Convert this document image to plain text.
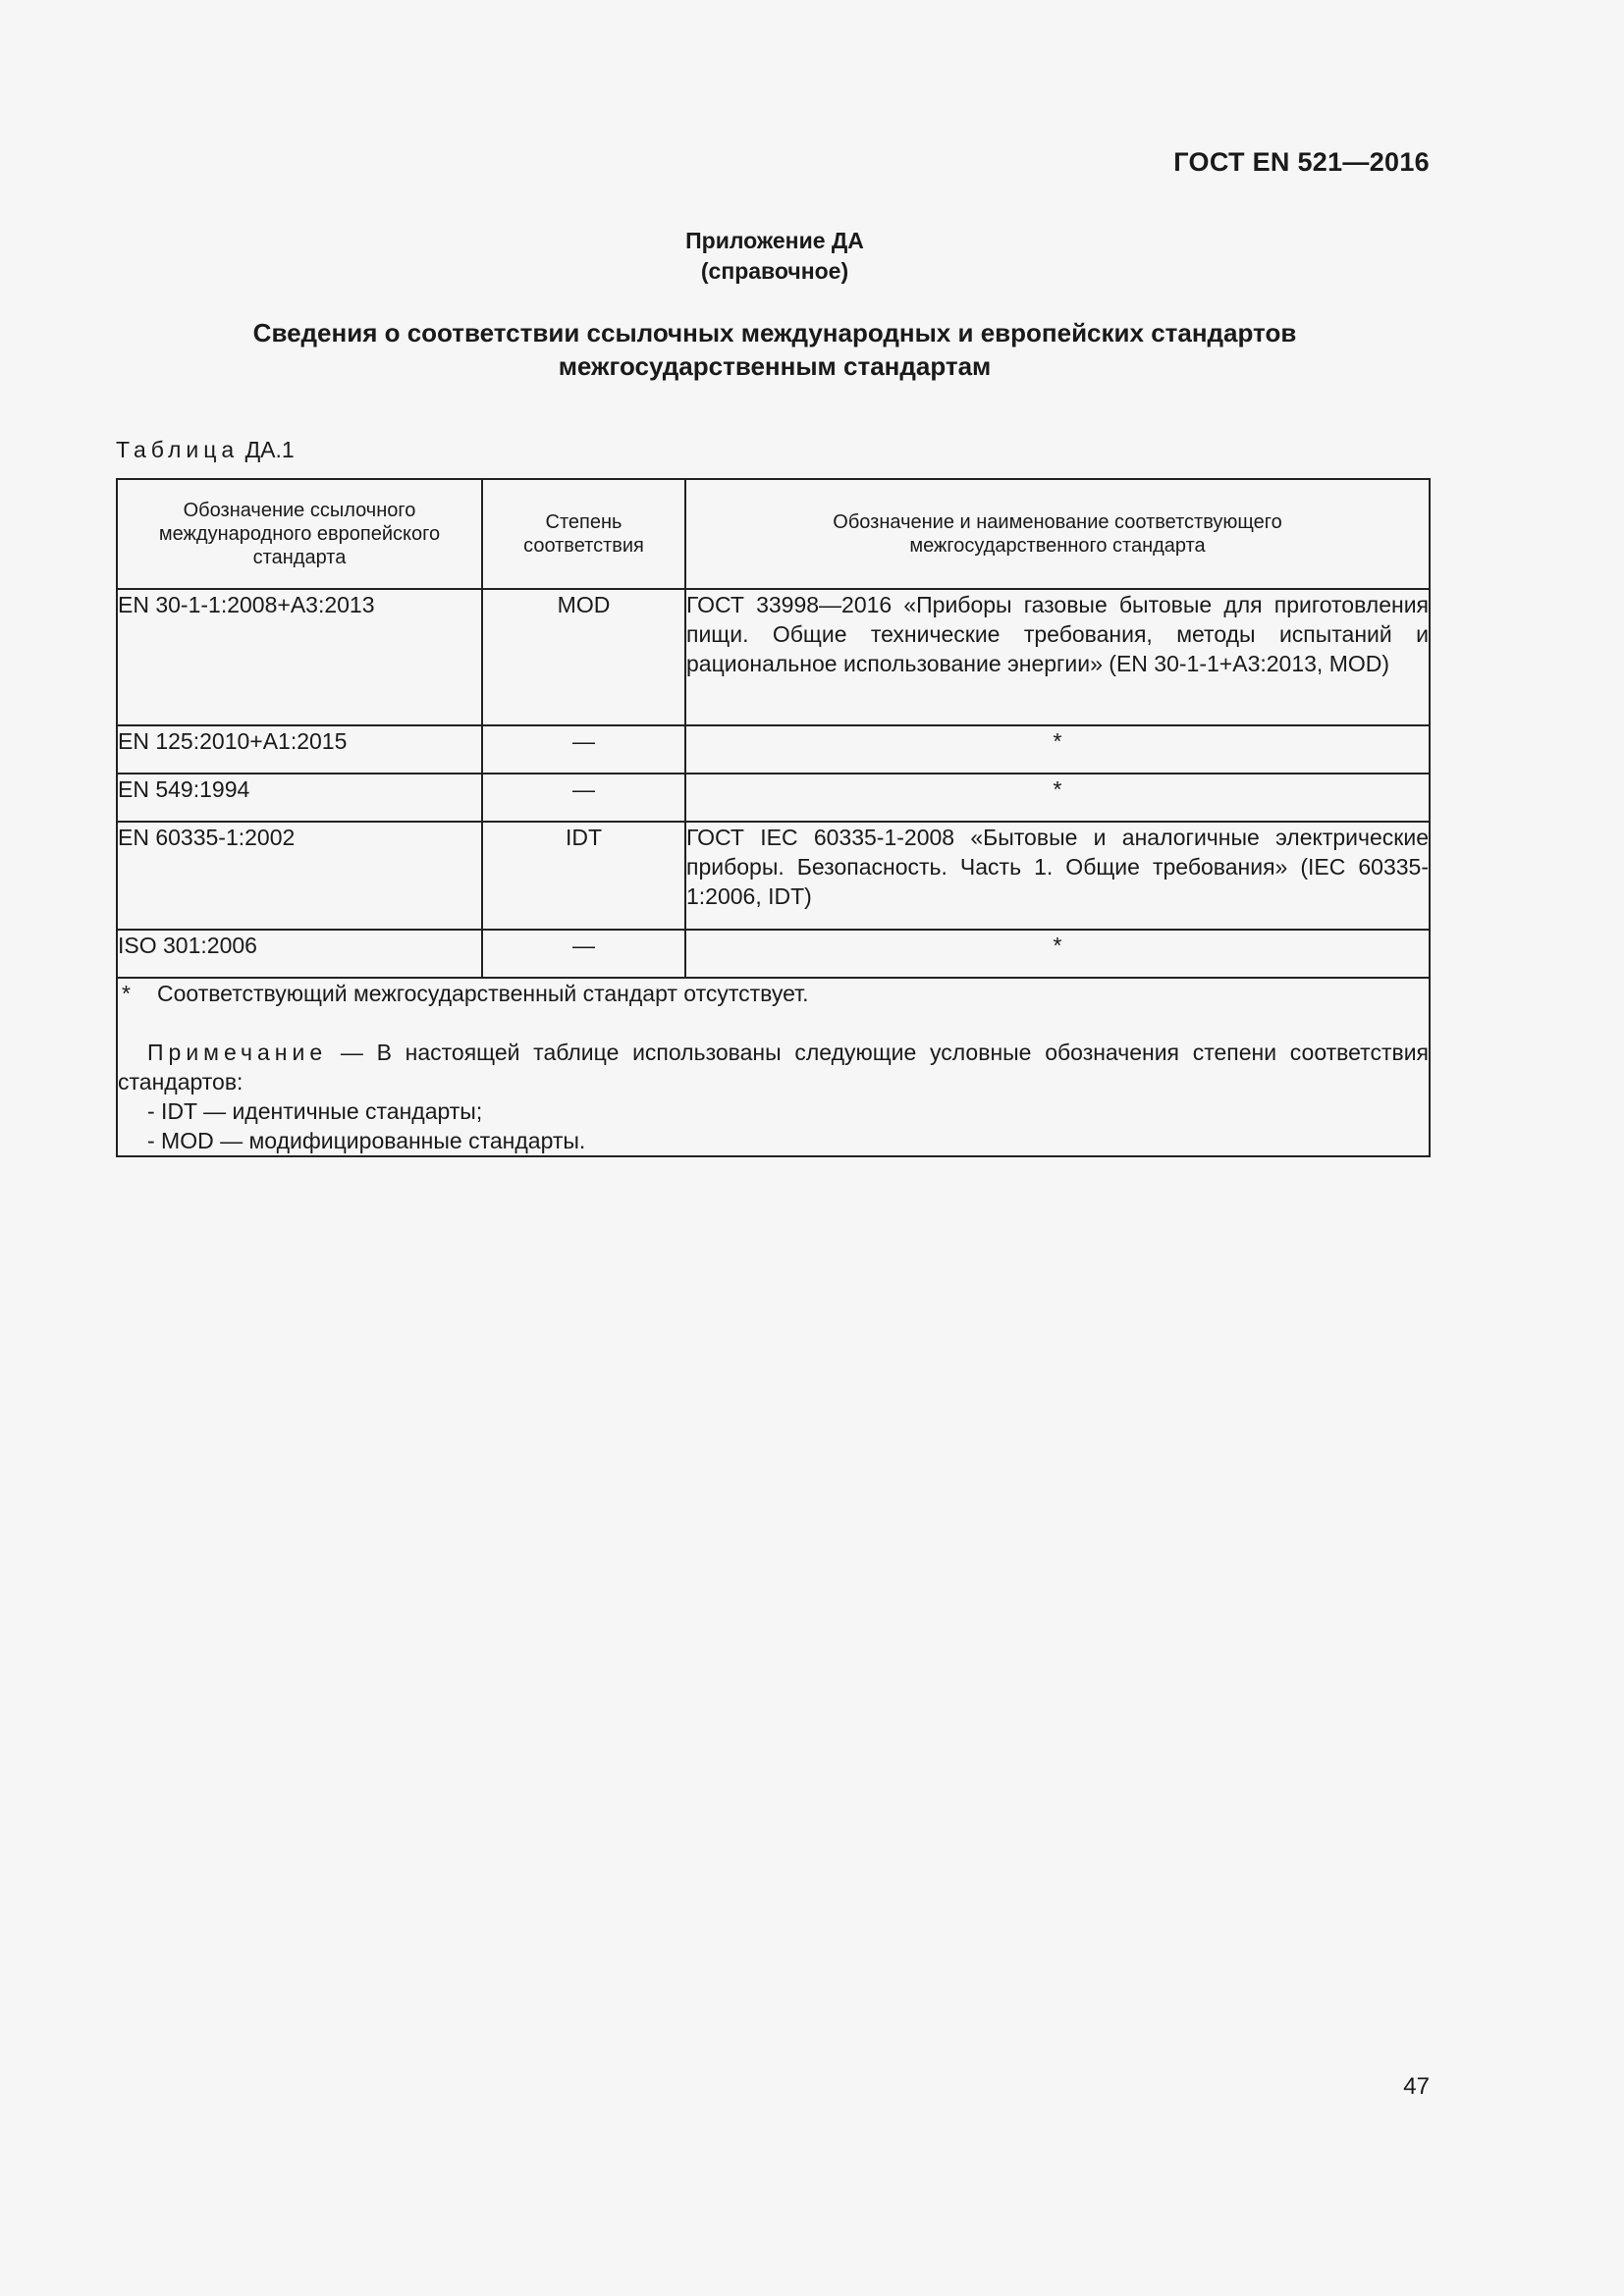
ГОСТ EN 521—2016
Приложение ДА
(справочное)
Сведения о соответствии ссылочных международных и европейских стандартов
межгосударственным стандартам
Таблица ДА.1
Обозначение ссылочного международного европейского стандарта	Степень соответствия	Обозначение и наименование соответствующего межгосударственного стандарта
EN 30-1-1:2008+A3:2013	MOD	ГОСТ 33998—2016 «Приборы газовые бытовые для приготовления пищи. Общие технические требования, методы испытаний и рациональное использование энергии» (EN 30-1-1+A3:2013, MOD)
EN 125:2010+A1:2015	—	*
EN 549:1994	—	*
EN 60335-1:2002	IDT	ГОСТ IEC 60335-1-2008 «Бытовые и аналогичные электрические приборы. Безопасность. Часть 1. Общие требования» (IEC 60335-1:2006, IDT)
ISO 301:2006	—	*

* Соответствующий межгосударственный стандарт отсутствует.
Примечание — В настоящей таблице использованы следующие условные обозначения степени соответствия стандартов:
- IDT — идентичные стандарты;
- MOD — модифицированные стандарты.		
47
